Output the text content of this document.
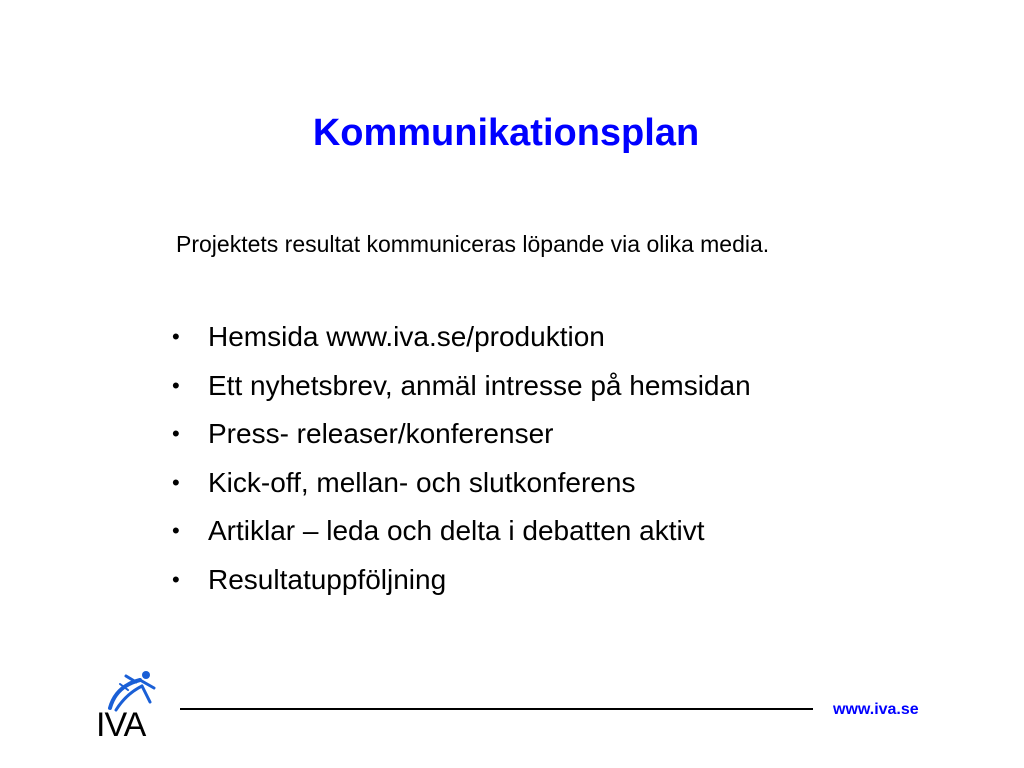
Kommunikationsplan
Projektets resultat kommuniceras löpande via olika media.
• Hemsida www.iva.se/produktion
• Ett nyhetsbrev, anmäl intresse på hemsidan
• Press- releaser/konferenser
• Kick-off, mellan- och slutkonferens
• Artiklar – leda och delta i debatten aktivt
• Resultatuppföljning
IVA	www.iva.se
